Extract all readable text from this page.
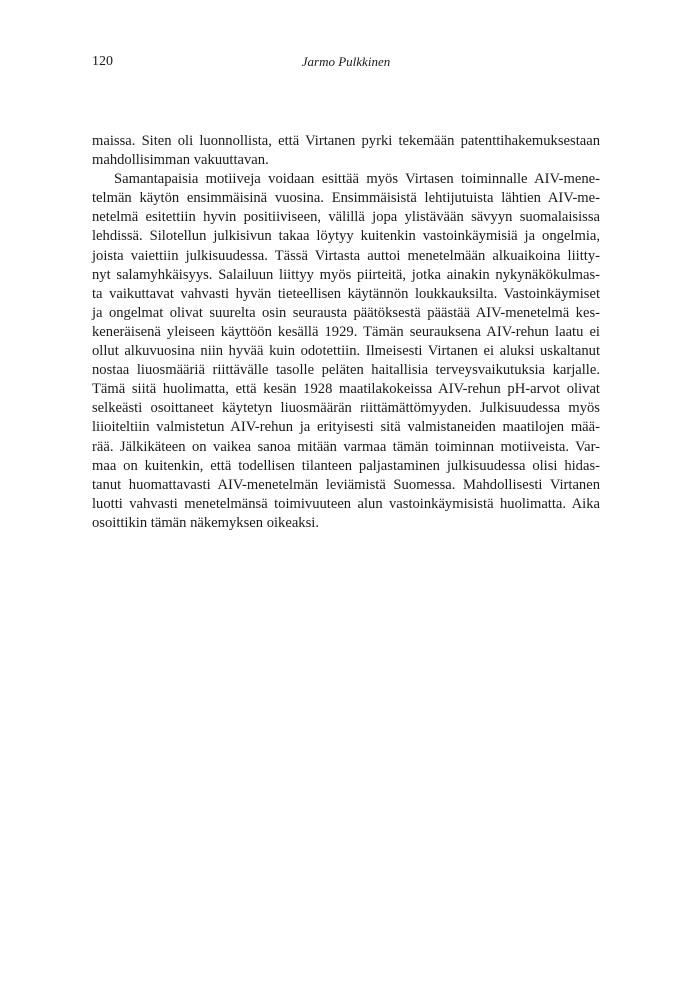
120	Jarmo Pulkkinen
maissa. Siten oli luonnollista, että Virtanen pyrki tekemään patenttihakemuksestaan
mahdollisimman vakuuttavan.
Samantapaisia motiiveja voidaan esittää myös Virtasen toiminnalle AIV-mene-
telmän käytön ensimmäisinä vuosina. Ensimmäisistä lehtijutuista lähtien AIV-me-
netelmä esitettiin hyvin positiiviseen, välillä jopa ylistävään sävyyn suomalaisissa
lehdissä. Silotellun julkisivun takaa löytyy kuitenkin vastoinkäymisiä ja ongelmia,
joista vaiettiin julkisuudessa. Tässä Virtasta auttoi menetelmään alkuaikoina liitty-
nyt salamyhkäisyys. Salailuun liittyy myös piirteitä, jotka ainakin nykynäkökulmas-
ta vaikuttavat vahvasti hyvän tieteellisen käytännön loukkauksilta. Vastoinkäymiset
ja ongelmat olivat suurelta osin seurausta päätöksestä päästää AIV-menetelmä kes-
keneräisenä yleiseen käyttöön kesällä 1929. Tämän seurauksena AIV-rehun laatu ei
ollut alkuvuosina niin hyvää kuin odotettiin. Ilmeisesti Virtanen ei aluksi uskaltanut
nostaa liuosmääriä riittävälle tasolle peläten haitallisia terveysvaikutuksia karjalle.
Tämä siitä huolimatta, että kesän 1928 maatilakokeissa AIV-rehun pH-arvot olivat
selkeästi osoittaneet käytetyn liuosmäärän riittämättömyyden. Julkisuudessa myös
liioiteltiin valmistetun AIV-rehun ja erityisesti sitä valmistaneiden maatilojen mää-
rää. Jälkikäteen on vaikea sanoa mitään varmaa tämän toiminnan motiiveista. Var-
maa on kuitenkin, että todellisen tilanteen paljastaminen julkisuudessa olisi hidas-
tanut huomattavasti AIV-menetelmän leviämistä Suomessa. Mahdollisesti Virtanen
luotti vahvasti menetelmänsä toimivuuteen alun vastoinkäymisistä huolimatta. Aika
osoittikin tämän näkemyksen oikeaksi.
